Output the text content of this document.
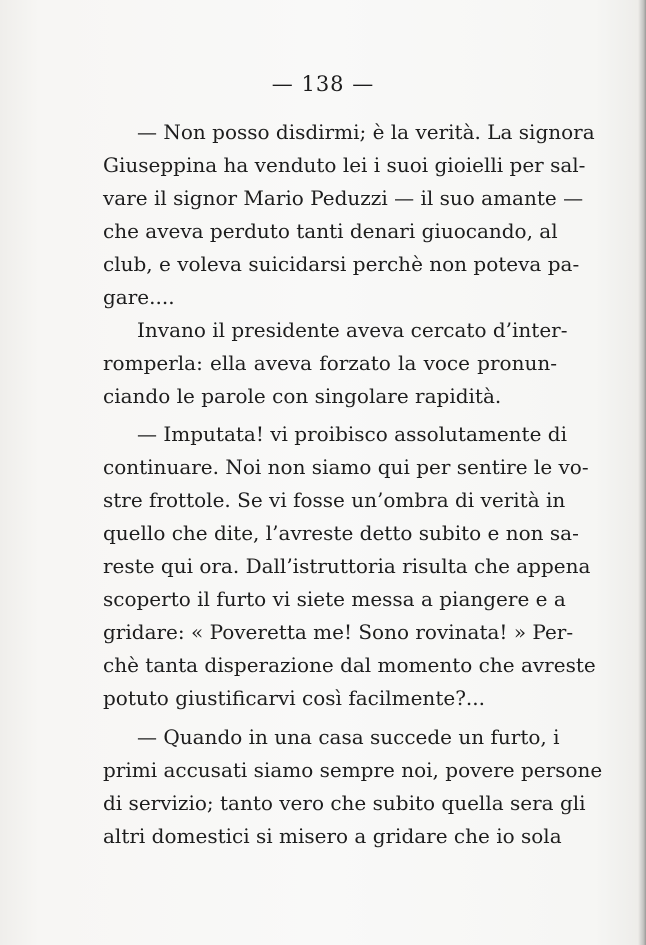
— 138 —
— Non posso disdirmi; è la verità. La signora
Giuseppina ha venduto lei i suoi gioielli per sal-
vare il signor Mario Peduzzi — il suo amante —
che aveva perduto tanti denari giuocando, al
club, e voleva suicidarsi perchè non poteva pa-
gare....
Invano il presidente aveva cercato d’inter-
romperla: ella aveva forzato la voce pronun-
ciando le parole con singolare rapidità.
— Imputata! vi proibisco assolutamente di
continuare. Noi non siamo qui per sentire le vo-
stre frottole. Se vi fosse un’ombra di verità in
quello che dite, l’avreste detto subito e non sa-
reste qui ora. Dall’istruttoria risulta che appena
scoperto il furto vi siete messa a piangere e a
gridare: « Poveretta me! Sono rovinata! » Per-
chè tanta disperazione dal momento che avreste
potuto giustificarvi così facilmente?...
— Quando in una casa succede un furto, i
primi accusati siamo sempre noi, povere persone
di servizio; tanto vero che subito quella sera gli
altri domestici si misero a gridare che io sola
